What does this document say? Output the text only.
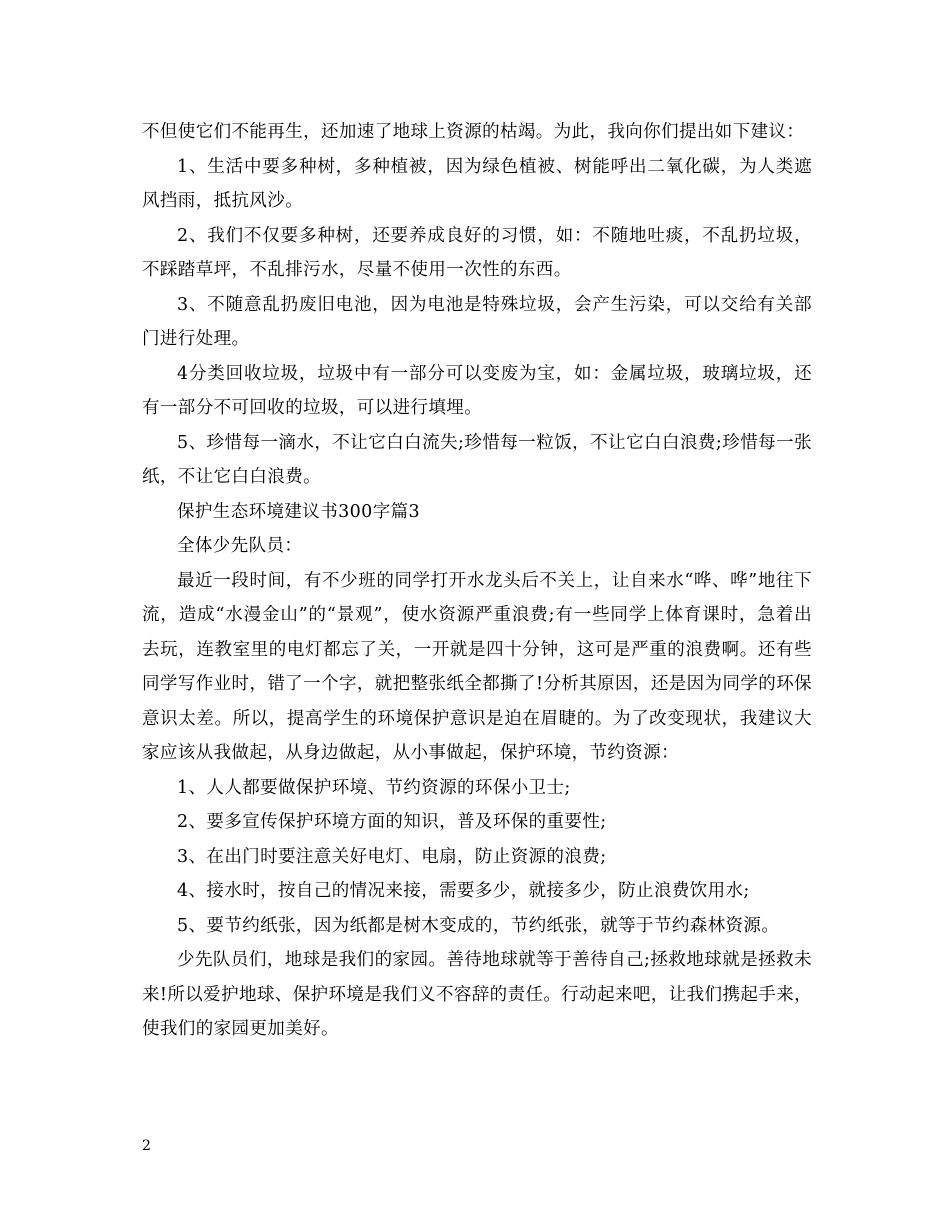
不但使它们不能再生，还加速了地球上资源的枯竭。为此，我向你们提出如下建议：

1、生活中要多种树，多种植被，因为绿色植被、树能呼出二氧化碳，为人类遮风挡雨，抵抗风沙。

2、我们不仅要多种树，还要养成良好的习惯，如：不随地吐痰，不乱扔垃圾，不踩踏草坪，不乱排污水，尽量不使用一次性的东西。

3、不随意乱扔废旧电池，因为电池是特殊垃圾，会产生污染，可以交给有关部门进行处理。

4分类回收垃圾，垃圾中有一部分可以变废为宝，如：金属垃圾，玻璃垃圾，还有一部分不可回收的垃圾，可以进行填埋。

5、珍惜每一滴水，不让它白白流失;珍惜每一粒饭，不让它白白浪费;珍惜每一张纸，不让它白白浪费。

保护生态环境建议书300字篇3

全体少先队员：

最近一段时间，有不少班的同学打开水龙头后不关上，让自来水“哗、哗”地往下流，造成“水漫金山”的“景观”，使水资源严重浪费;有一些同学上体育课时，急着出去玩，连教室里的电灯都忘了关，一开就是四十分钟，这可是严重的浪费啊。还有些同学写作业时，错了一个字，就把整张纸全都撕了!分析其原因，还是因为同学的环保意识太差。所以，提高学生的环境保护意识是迫在眉睫的。为了改变现状，我建议大家应该从我做起，从身边做起，从小事做起，保护环境，节约资源：

1、人人都要做保护环境、节约资源的环保小卫士;

2、要多宣传保护环境方面的知识，普及环保的重要性;

3、在出门时要注意关好电灯、电扇，防止资源的浪费;

4、接水时，按自己的情况来接，需要多少，就接多少，防止浪费饮用水;

5、要节约纸张，因为纸都是树木变成的，节约纸张，就等于节约森林资源。

少先队员们，地球是我们的家园。善待地球就等于善待自己;拯救地球就是拯救未来!所以爱护地球、保护环境是我们义不容辞的责任。行动起来吧，让我们携起手来，使我们的家园更加美好。

2
